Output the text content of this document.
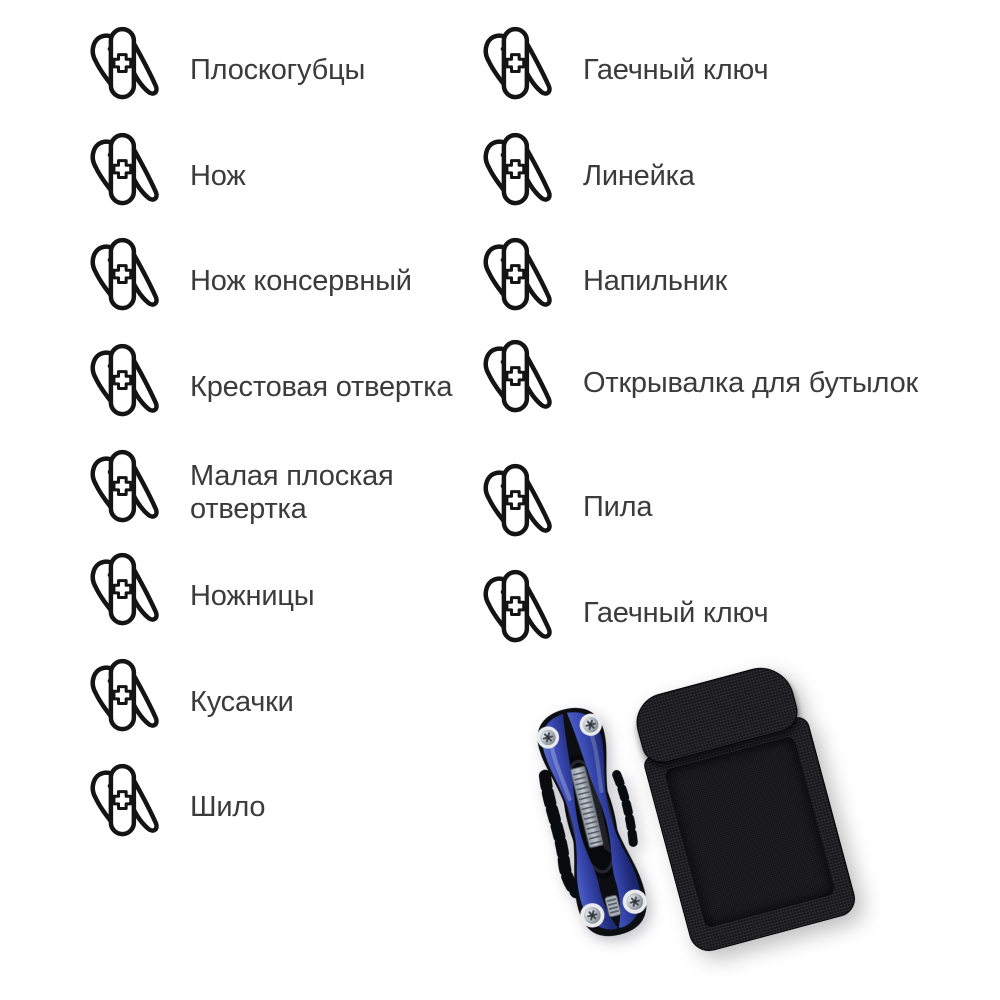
Плоскогубцы
Нож
Нож консервный
Крестовая отвертка
Малая плоская отвертка
Ножницы
Кусачки
Шило
Гаечный ключ
Линейка
Напильник
Открывалка для бутылок
Пила
Гаечный ключ
